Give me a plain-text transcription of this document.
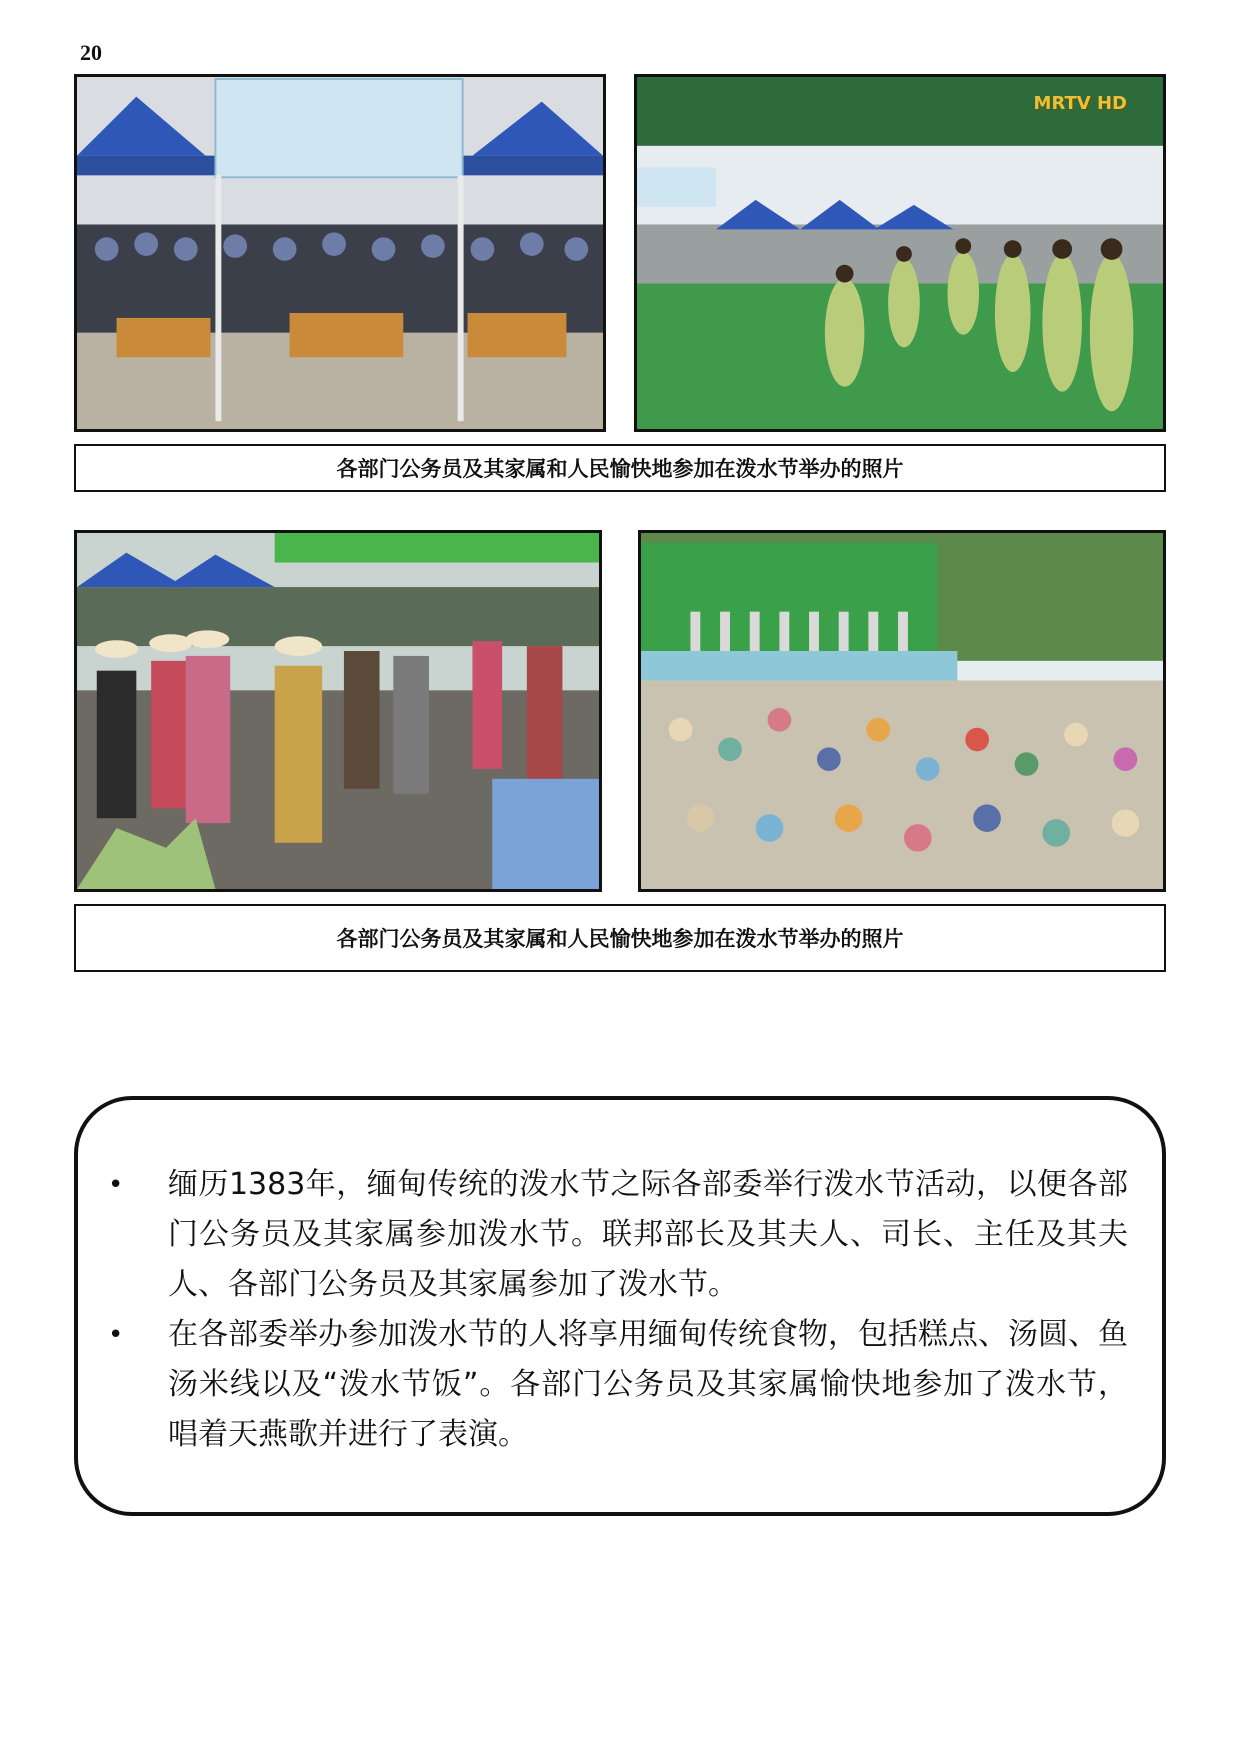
20
MRTV HD
各部门公务员及其家属和人民愉快地参加在泼水节举办的照片
各部门公务员及其家属和人民愉快地参加在泼水节举办的照片
• 缅历1383年，缅甸传统的泼水节之际各部委举行泼水节活动，以便各部门公务员及其家属参加泼水节。联邦部长及其夫人、司长、主任及其夫人、各部门公务员及其家属参加了泼水节。
• 在各部委举办参加泼水节的人将享用缅甸传统食物，包括糕点、汤圆、鱼汤米线以及“泼水节饭”。各部门公务员及其家属愉快地参加了泼水节，唱着天燕歌并进行了表演。
